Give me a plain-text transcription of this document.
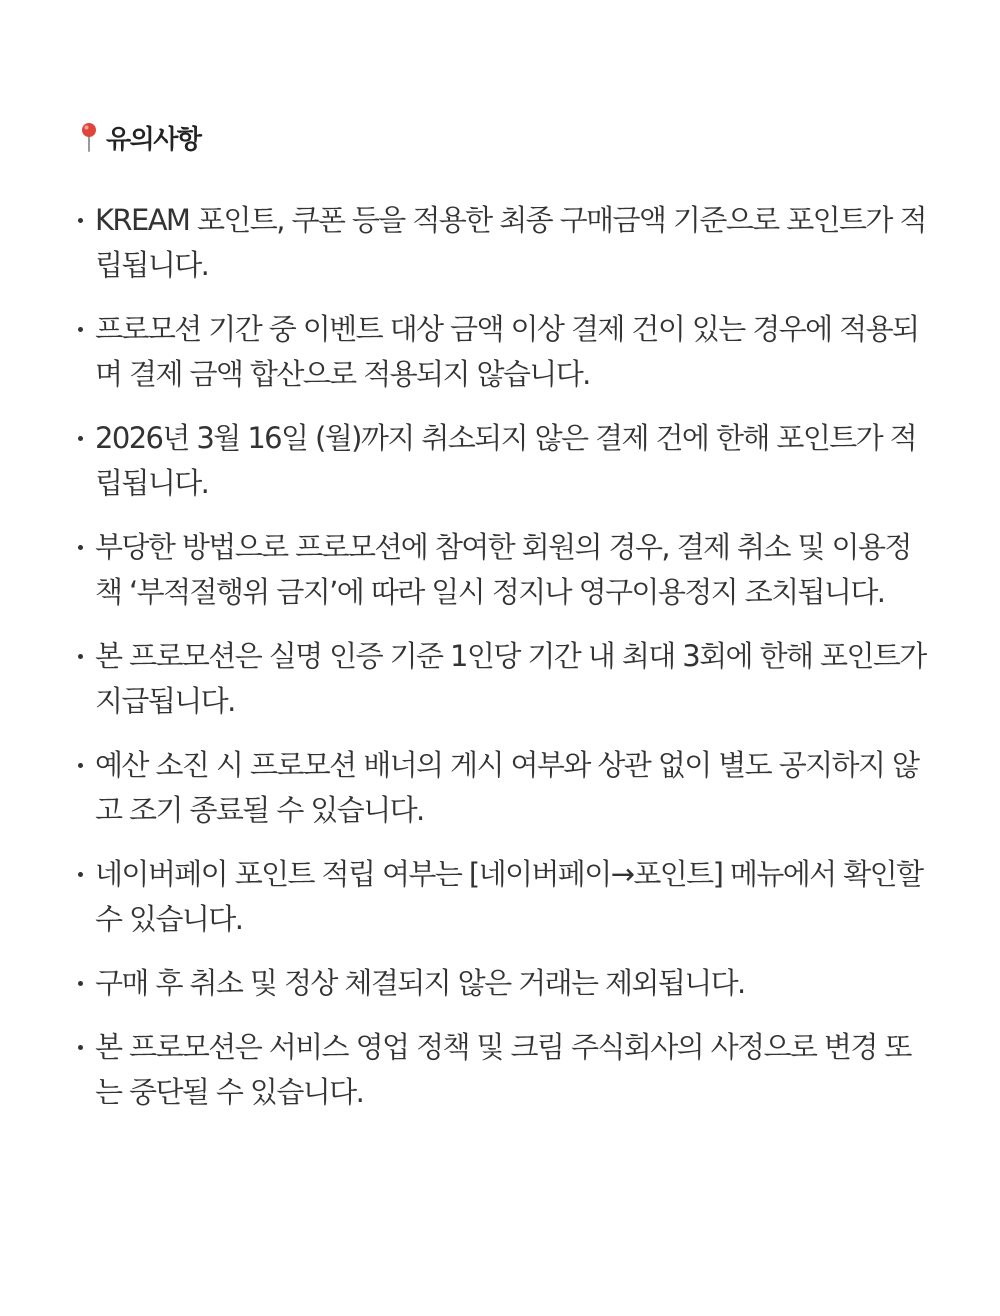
유의사항
KREAM 포인트, 쿠폰 등을 적용한 최종 구매금액 기준으로 포인트가 적립됩니다.
프로모션 기간 중 이벤트 대상 금액 이상 결제 건이 있는 경우에 적용되며 결제 금액 합산으로 적용되지 않습니다.
2026년 3월 16일 (월)까지 취소되지 않은 결제 건에 한해 포인트가 적립됩니다.
부당한 방법으로 프로모션에 참여한 회원의 경우, 결제 취소 및 이용정책 ‘부적절행위 금지’에 따라 일시 정지나 영구이용정지 조치됩니다.
본 프로모션은 실명 인증 기준 1인당 기간 내 최대 3회에 한해 포인트가 지급됩니다.
예산 소진 시 프로모션 배너의 게시 여부와 상관 없이 별도 공지하지 않고 조기 종료될 수 있습니다.
네이버페이 포인트 적립 여부는 [네이버페이→포인트] 메뉴에서 확인할 수 있습니다.
구매 후 취소 및 정상 체결되지 않은 거래는 제외됩니다.
본 프로모션은 서비스 영업 정책 및 크림 주식회사의 사정으로 변경 또는 중단될 수 있습니다.
